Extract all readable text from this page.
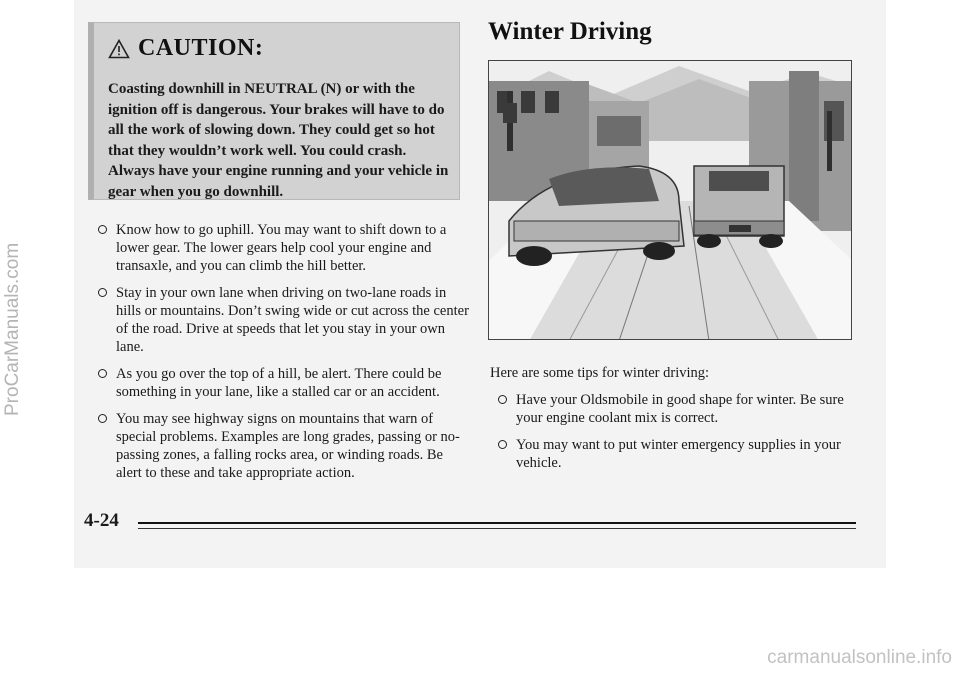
CAUTION:

Coasting downhill in NEUTRAL (N) or with the ignition off is dangerous. Your brakes will have to do all the work of slowing down. They could get so hot that they wouldn’t work well. You could crash. Always have your engine running and your vehicle in gear when you go downhill.

Know how to go uphill. You may want to shift down to a lower gear. The lower gears help cool your engine and transaxle, and you can climb the hill better.
Stay in your own lane when driving on two-lane roads in hills or mountains. Don’t swing wide or cut across the center of the road. Drive at speeds that let you stay in your own lane.
As you go over the top of a hill, be alert. There could be something in your lane, like a stalled car or an accident.
You may see highway signs on mountains that warn of special problems. Examples are long grades, passing or no-passing zones, a falling rocks area, or winding roads. Be alert to these and take appropriate action.
Winter Driving

Here are some tips for winter driving:

Have your Oldsmobile in good shape for winter. Be sure your engine coolant mix is correct.
You may want to put winter emergency supplies in your vehicle.
4-24
ProCarManuals.com
carmanualsonline.info
